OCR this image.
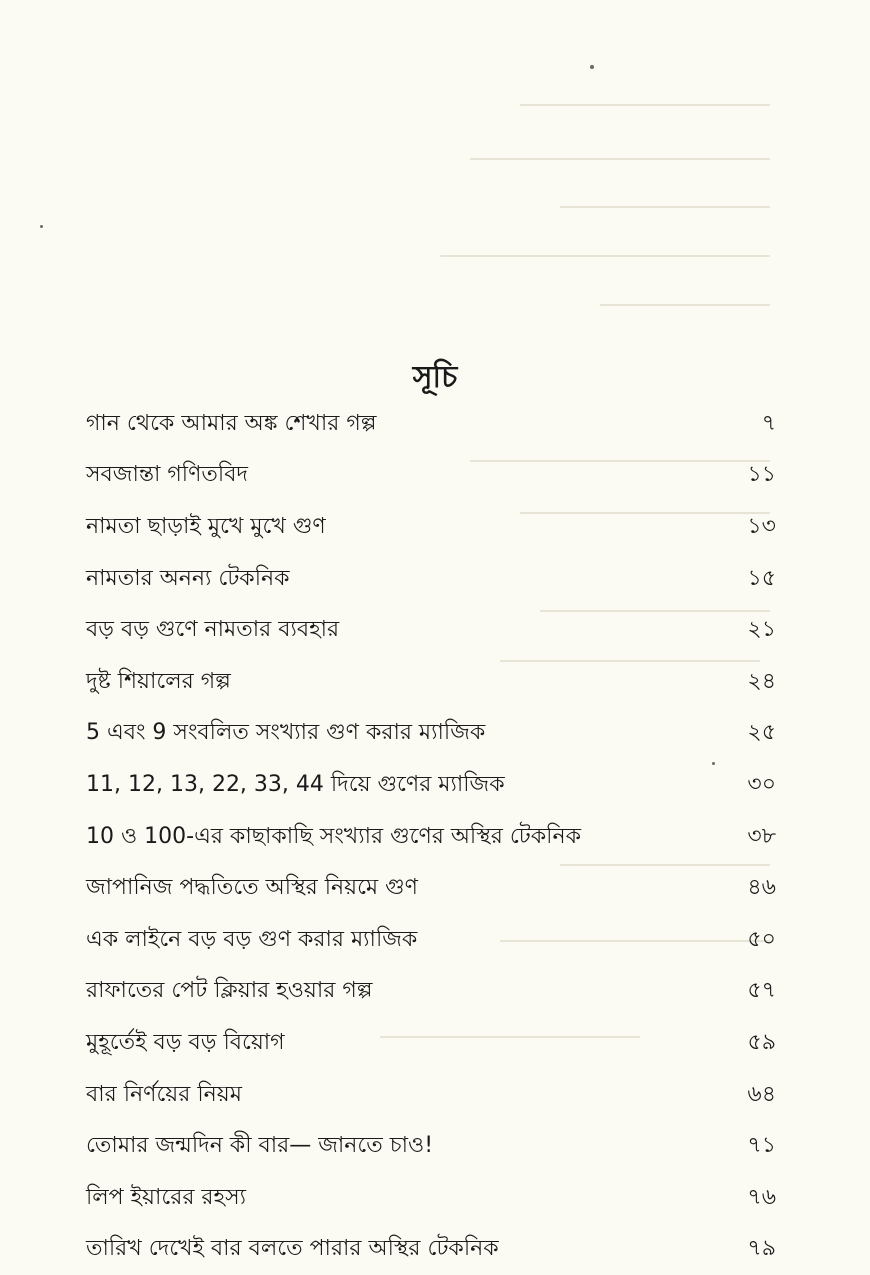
সূচি
গান থেকে আমার অঙ্ক শেখার গল্প	৭
সবজান্তা গণিতবিদ	১১
নামতা ছাড়াই মুখে মুখে গুণ	১৩
নামতার অনন্য টেকনিক	১৫
বড় বড় গুণে নামতার ব্যবহার	২১
দুষ্ট শিয়ালের গল্প	২৪
5 এবং 9 সংবলিত সংখ্যার গুণ করার ম্যাজিক	২৫
11, 12, 13, 22, 33, 44 দিয়ে গুণের ম্যাজিক	৩০
10 ও 100-এর কাছাকাছি সংখ্যার গুণের অস্থির টেকনিক	৩৮
জাপানিজ পদ্ধতিতে অস্থির নিয়মে গুণ	৪৬
এক লাইনে বড় বড় গুণ করার ম্যাজিক	৫০
রাফাতের পেট ক্লিয়ার হওয়ার গল্প	৫৭
মুহূর্তেই বড় বড় বিয়োগ	৫৯
বার নির্ণয়ের নিয়ম	৬৪
তোমার জন্মদিন কী বার— জানতে চাও!	৭১
লিপ ইয়ারের রহস্য	৭৬
তারিখ দেখেই বার বলতে পারার অস্থির টেকনিক	৭৯
